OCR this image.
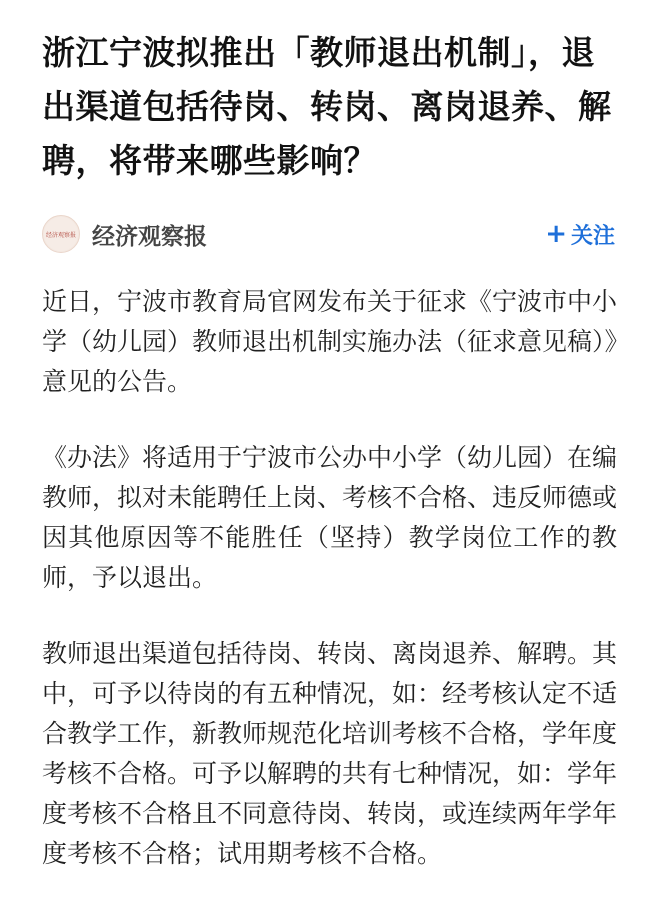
浙江宁波拟推出「教师退出机制」，退出渠道包括待岗、转岗、离岗退养、解聘，将带来哪些影响？
经济观察报 经济观察报	+ 关注

近日，宁波市教育局官网发布关于征求《宁波市中小学（幼儿园）教师退出机制实施办法（征求意见稿）》意见的公告。

《办法》将适用于宁波市公办中小学（幼儿园）在编教师，拟对未能聘任上岗、考核不合格、违反师德或因其他原因等不能胜任（坚持）教学岗位工作的教师，予以退出。

教师退出渠道包括待岗、转岗、离岗退养、解聘。其中，可予以待岗的有五种情况，如：经考核认定不适合教学工作，新教师规范化培训考核不合格，学年度考核不合格。可予以解聘的共有七种情况，如：学年度考核不合格且不同意待岗、转岗，或连续两年学年度考核不合格；试用期考核不合格。
